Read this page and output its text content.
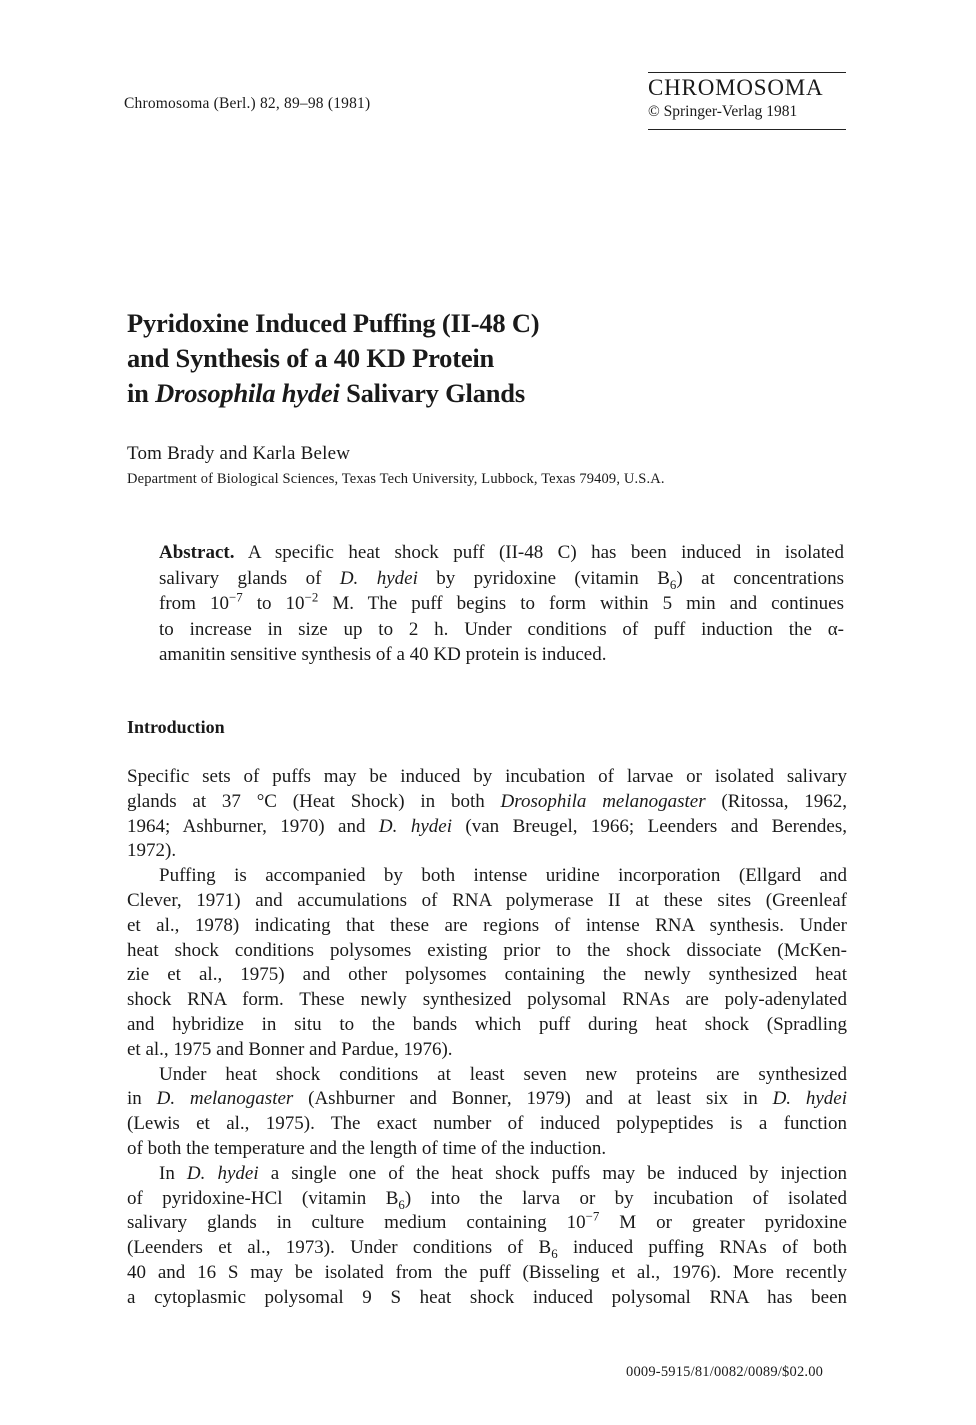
Chromosoma (Berl.) 82, 89–98 (1981)
CHROMOSOMA
© Springer-Verlag 1981
Pyridoxine Induced Puffing (II-48 C)
and Synthesis of a 40 KD Protein
in Drosophila hydei Salivary Glands
Tom Brady and Karla Belew
Department of Biological Sciences, Texas Tech University, Lubbock, Texas 79409, U.S.A.
Abstract. A specific heat shock puff (II-48 C) has been induced in isolated
salivary glands of D. hydei by pyridoxine (vitamin $B_6$) at concentrations
from $10^{-7}$ to $10^{-2}$ M. The puff begins to form within 5 min and continues
to increase in size up to 2 h. Under conditions of puff induction the α-
amanitin sensitive synthesis of a 40 KD protein is induced.
Introduction
Specific sets of puffs may be induced by incubation of larvae or isolated salivary
glands at 37 °C (Heat Shock) in both Drosophila melanogaster (Ritossa, 1962,
1964; Ashburner, 1970) and D. hydei (van Breugel, 1966; Leenders and Berendes,
1972).
Puffing is accompanied by both intense uridine incorporation (Ellgard and
Clever, 1971) and accumulations of RNA polymerase II at these sites (Greenleaf
et al., 1978) indicating that these are regions of intense RNA synthesis. Under
heat shock conditions polysomes existing prior to the shock dissociate (McKen-
zie et al., 1975) and other polysomes containing the newly synthesized heat
shock RNA form. These newly synthesized polysomal RNAs are poly-adenylated
and hybridize in situ to the bands which puff during heat shock (Spradling
et al., 1975 and Bonner and Pardue, 1976).
Under heat shock conditions at least seven new proteins are synthesized
in D. melanogaster (Ashburner and Bonner, 1979) and at least six in D. hydei
(Lewis et al., 1975). The exact number of induced polypeptides is a function
of both the temperature and the length of time of the induction.
In D. hydei a single one of the heat shock puffs may be induced by injection
of pyridoxine-HCl (vitamin $B_6$) into the larva or by incubation of isolated
salivary glands in culture medium containing $10^{-7}$ M or greater pyridoxine
(Leenders et al., 1973). Under conditions of $B_6$ induced puffing RNAs of both
40 and 16 S may be isolated from the puff (Bisseling et al., 1976). More recently
a cytoplasmic polysomal 9 S heat shock induced polysomal RNA has been
0009-5915/81/0082/0089/$02.00
